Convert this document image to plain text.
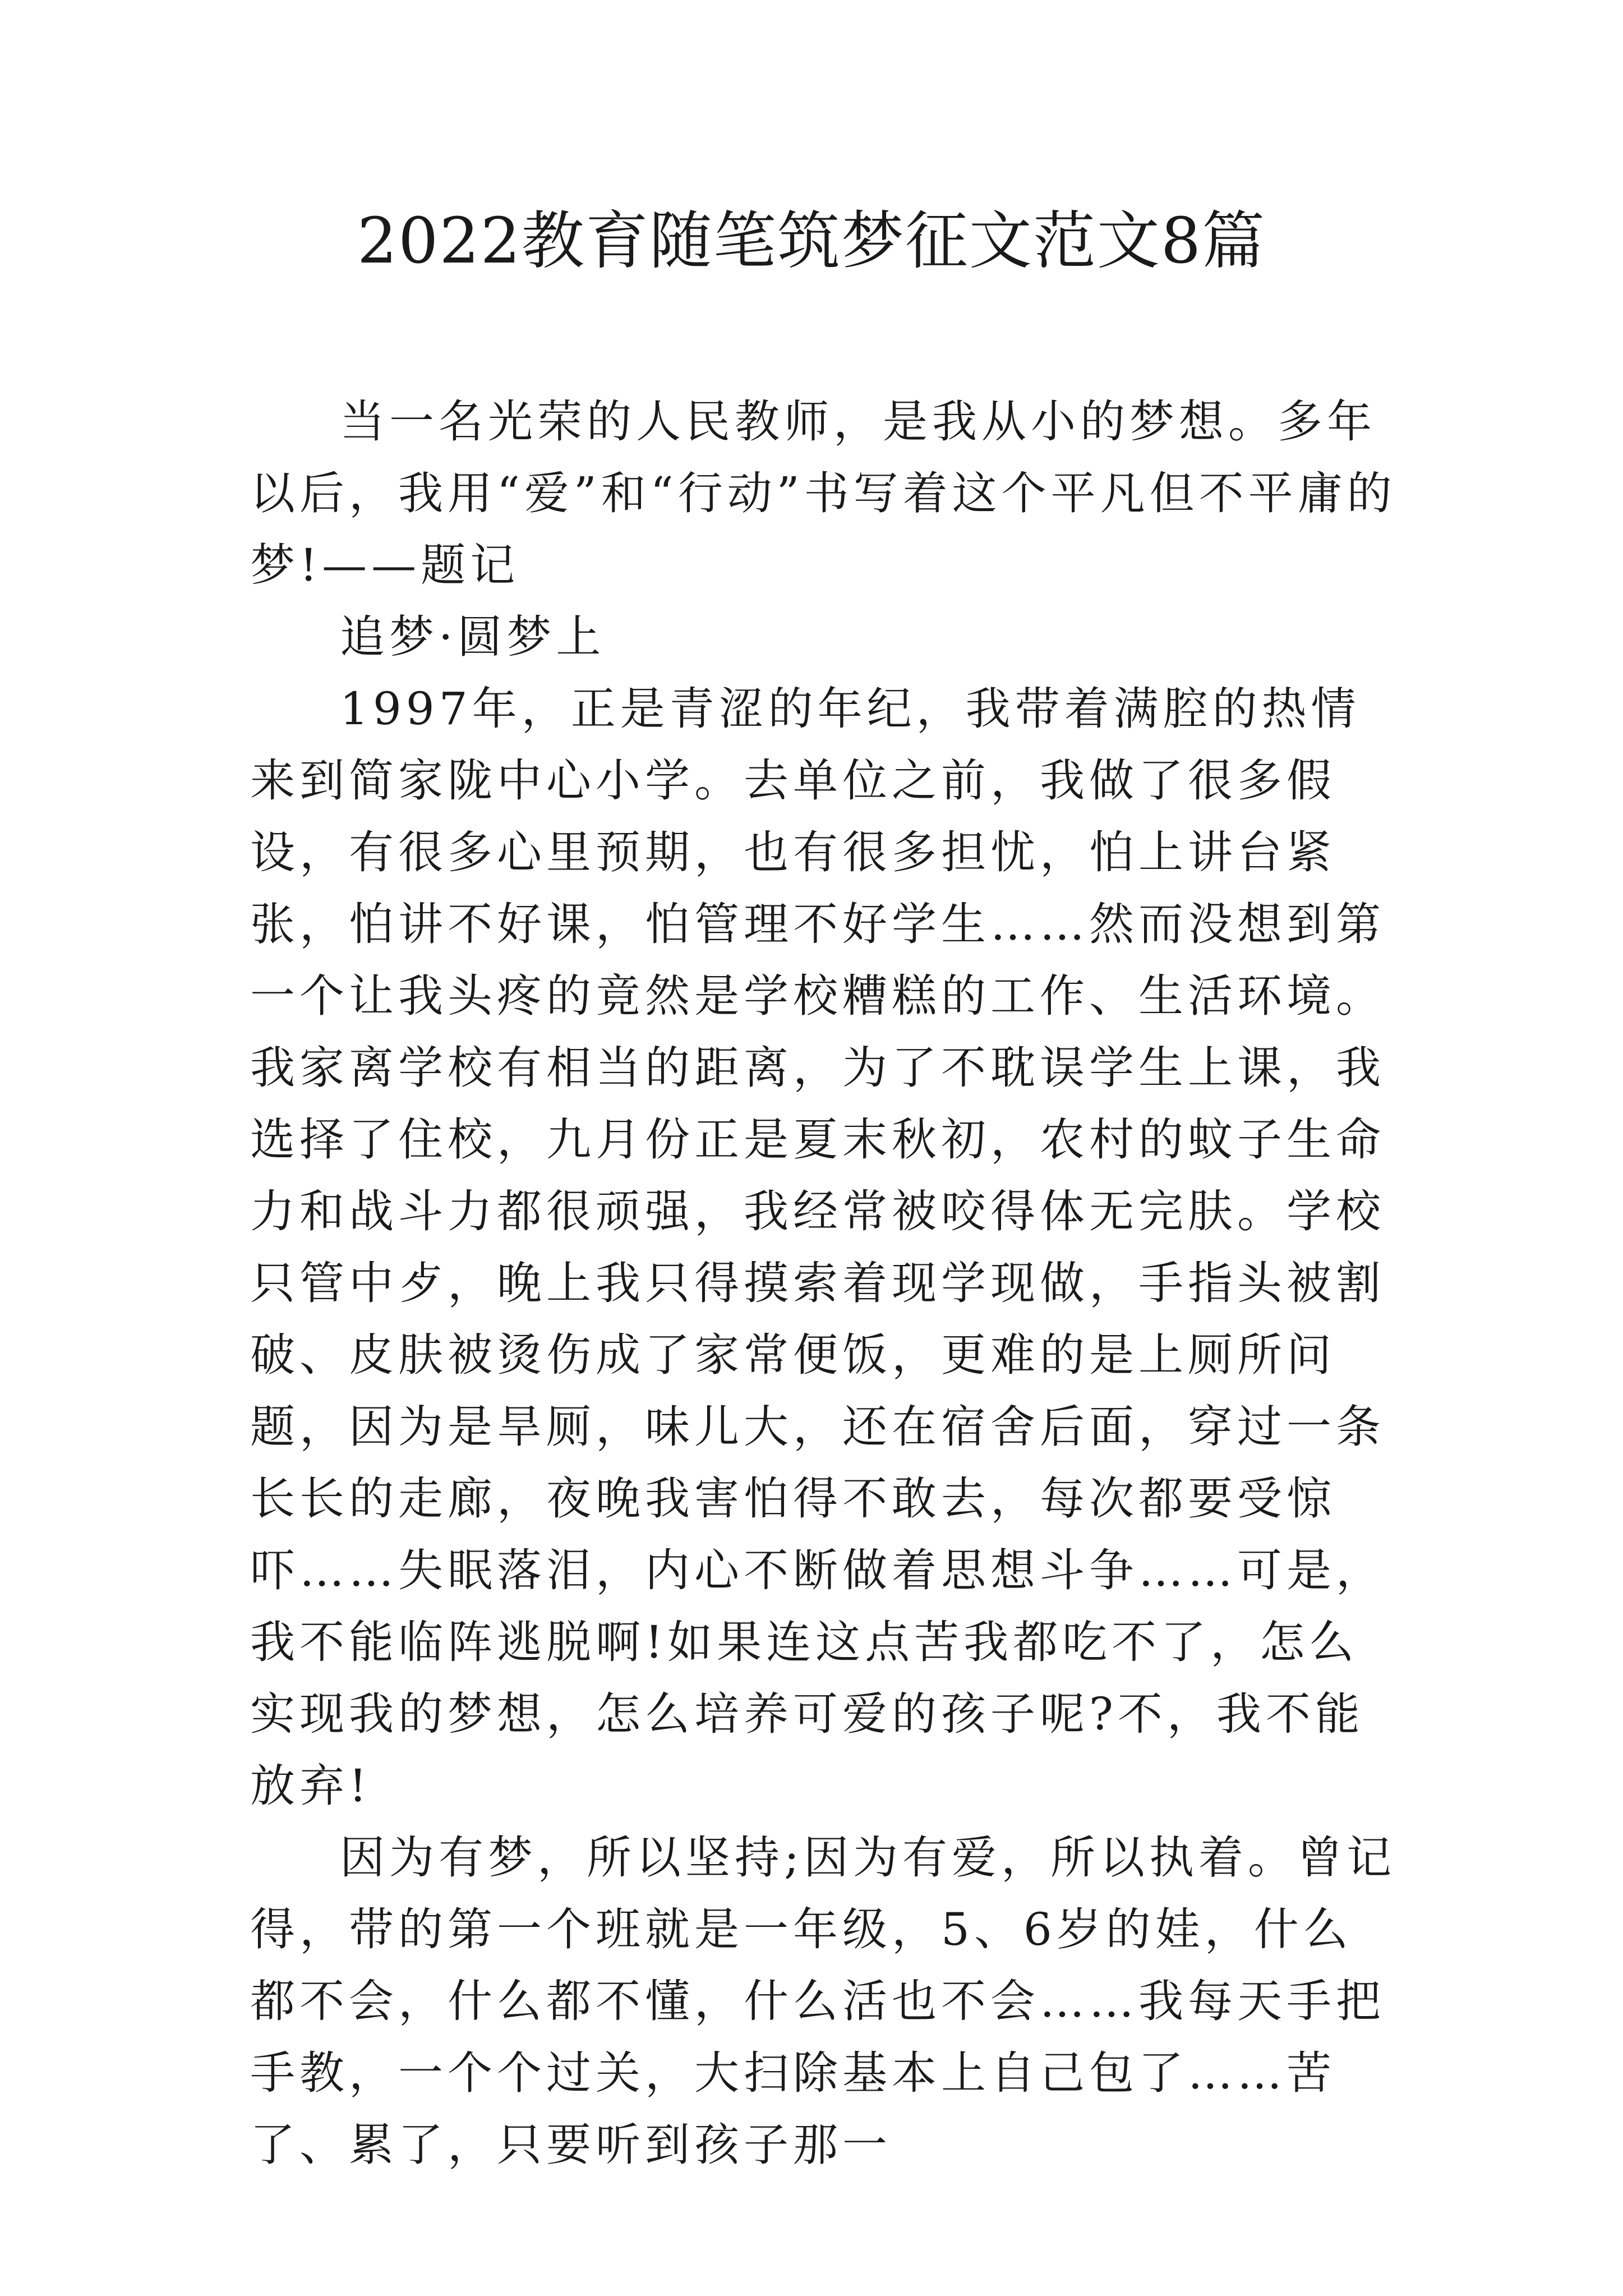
2022教育随笔筑梦征文范文8篇

当一名光荣的人民教师，是我从小的梦想。多年以后，我用“爱”和“行动”书写着这个平凡但不平庸的梦!——题记

追梦·圆梦上

1997年，正是青涩的年纪，我带着满腔的热情来到简家陇中心小学。去单位之前，我做了很多假设，有很多心里预期，也有很多担忧，怕上讲台紧张，怕讲不好课，怕管理不好学生……然而没想到第一个让我头疼的竟然是学校糟糕的工作、生活环境。我家离学校有相当的距离，为了不耽误学生上课，我选择了住校，九月份正是夏末秋初，农村的蚊子生命力和战斗力都很顽强，我经常被咬得体无完肤。学校只管中歺，晚上我只得摸索着现学现做，手指头被割破、皮肤被烫伤成了家常便饭，更难的是上厕所问题，因为是旱厕，味儿大，还在宿舍后面，穿过一条长长的走廊，夜晚我害怕得不敢去，每次都要受惊吓……失眠落泪，内心不断做着思想斗争……可是，我不能临阵逃脱啊!如果连这点苦我都吃不了，怎么实现我的梦想，怎么培养可爱的孩子呢?不，我不能放弃!

因为有梦，所以坚持;因为有爱，所以执着。曾记得，带的第一个班就是一年级，5、6岁的娃，什么都不会，什么都不懂，什么活也不会……我每天手把手教，一个个过关，大扫除基本上自己包了……苦了、累了，只要听到孩子那一
